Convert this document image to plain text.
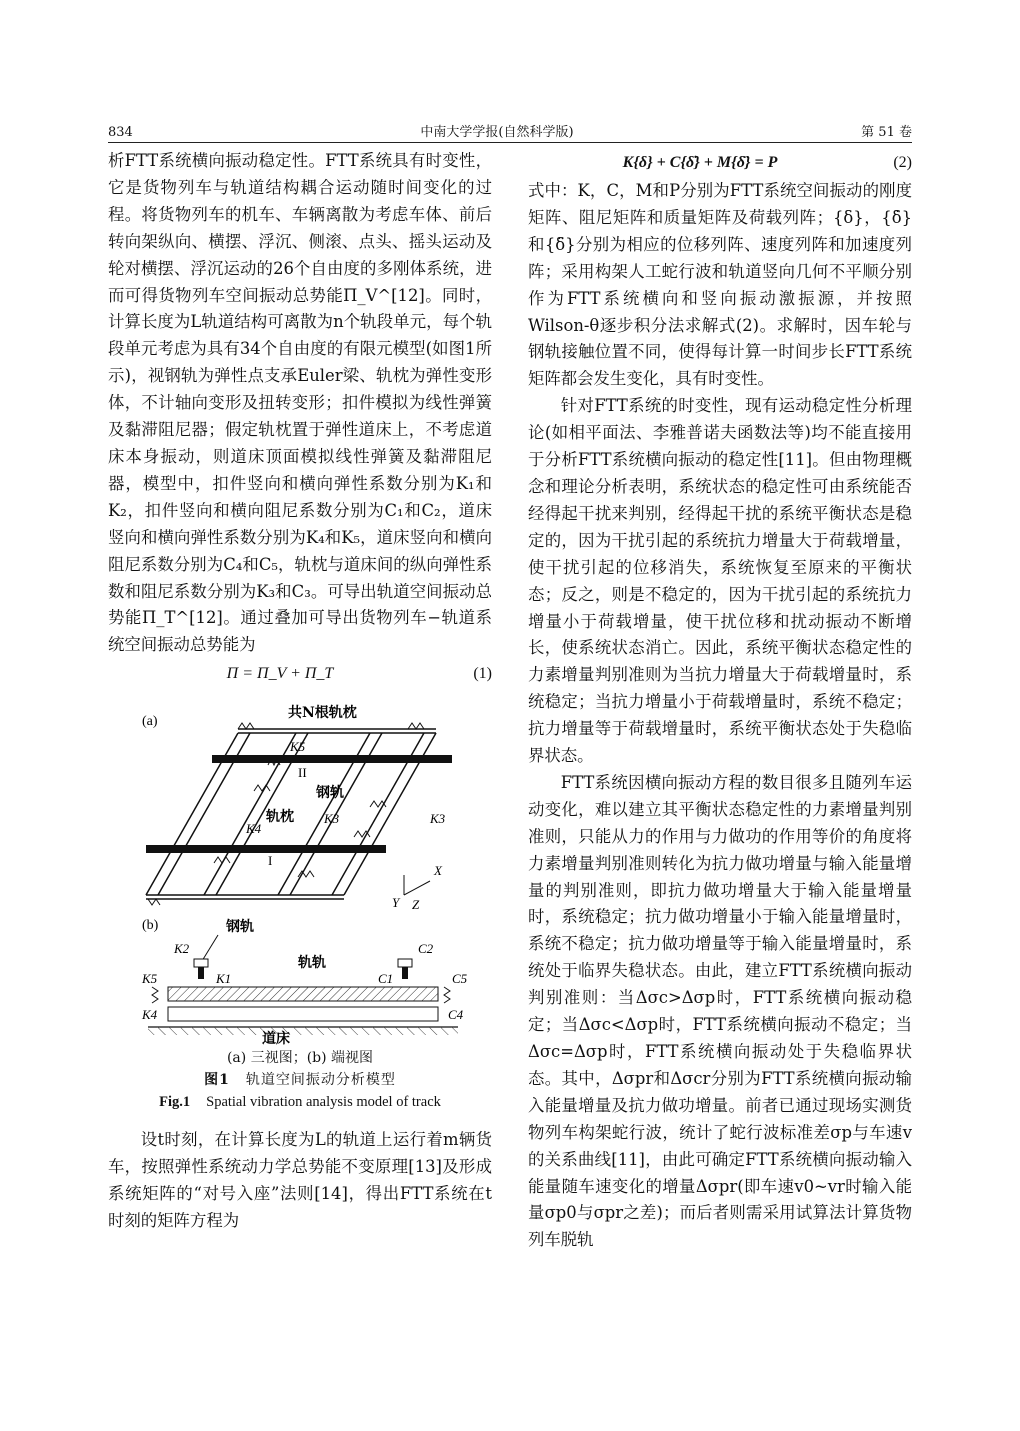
834	中南大学学报(自然科学版)	第 51 卷

析FTT系统横向振动稳定性。FTT系统具有时变性，它是货物列车与轨道结构耦合运动随时间变化的过程。将货物列车的机车、车辆离散为考虑车体、前后转向架纵向、横摆、浮沉、侧滚、点头、摇头运动及轮对横摆、浮沉运动的26个自由度的多刚体系统，进而可得货物列车空间振动总势能Π_V^[12]。同时，计算长度为L轨道结构可离散为n个轨段单元，每个轨段单元考虑为具有34个自由度的有限元模型(如图1所示)，视钢轨为弹性点支承Euler梁、轨枕为弹性变形体，不计轴向变形及扭转变形；扣件模拟为线性弹簧及黏滞阻尼器；假定轨枕置于弹性道床上，不考虑道床本身振动，则道床顶面模拟线性弹簧及黏滞阻尼器，模型中，扣件竖向和横向弹性系数分别为K₁和K₂，扣件竖向和横向阻尼系数分别为C₁和C₂，道床竖向和横向弹性系数分别为K₄和K₅，道床竖向和横向阻尼系数分别为C₄和C₅，轨枕与道床间的纵向弹性系数和阻尼系数分别为K₃和C₃。可导出轨道空间振动总势能Π_T^[12]。通过叠加可导出货物列车−轨道系统空间振动总势能为

Π = Π_V + Π_T	(1)
(a)
共N根轨枕
K5
II
钢轨
轨枕
K4
K3	K3
I
X
Y Z
(b)	钢轨
轨轨
K2
K1
K5
K4
C2
C1	C5
C4
道床
(a) 三视图；(b) 端视图
图1 轨道空间振动分析模型
Fig.1 Spatial vibration analysis model of track

设t时刻，在计算长度为L的轨道上运行着m辆货车，按照弹性系统动力学总势能不变原理[13]及形成系统矩阵的“对号入座”法则[14]，得出FTT系统在t时刻的矩阵方程为

K{δ} + C{δ̇} + M{δ̈} = P	(2)

式中：K，C，M和P分别为FTT系统空间振动的刚度矩阵、阻尼矩阵和质量矩阵及荷载列阵；{δ}，{δ̇}和{δ̈}分别为相应的位移列阵、速度列阵和加速度列阵；采用构架人工蛇行波和轨道竖向几何不平顺分别作为FTT系统横向和竖向振动激振源，并按照Wilson-θ逐步积分法求解式(2)。求解时，因车轮与钢轨接触位置不同，使得每计算一时间步长FTT系统矩阵都会发生变化，具有时变性。

针对FTT系统的时变性，现有运动稳定性分析理论(如相平面法、李雅普诺夫函数法等)均不能直接用于分析FTT系统横向振动的稳定性[11]。但由物理概念和理论分析表明，系统状态的稳定性可由系统能否经得起干扰来判别，经得起干扰的系统平衡状态是稳定的，因为干扰引起的系统抗力增量大于荷载增量，使干扰引起的位移消失，系统恢复至原来的平衡状态；反之，则是不稳定的，因为干扰引起的系统抗力增量小于荷载增量，使干扰位移和扰动振动不断增长，使系统状态消亡。因此，系统平衡状态稳定性的力素增量判别准则为当抗力增量大于荷载增量时，系统稳定；当抗力增量小于荷载增量时，系统不稳定；抗力增量等于荷载增量时，系统平衡状态处于失稳临界状态。

FTT系统因横向振动方程的数目很多且随列车运动变化，难以建立其平衡状态稳定性的力素增量判别准则，只能从力的作用与力做功的作用等价的角度将力素增量判别准则转化为抗力做功增量与输入能量增量的判别准则，即抗力做功增量大于输入能量增量时，系统稳定；抗力做功增量小于输入能量增量时，系统不稳定；抗力做功增量等于输入能量增量时，系统处于临界失稳状态。由此，建立FTT系统横向振动判别准则：当Δσc>Δσp时，FTT系统横向振动稳定；当Δσc<Δσp时，FTT系统横向振动不稳定；当Δσc=Δσp时，FTT系统横向振动处于失稳临界状态。其中，Δσpr和Δσcr分别为FTT系统横向振动输入能量增量及抗力做功增量。前者已通过现场实测货物列车构架蛇行波，统计了蛇行波标准差σp与车速v的关系曲线[11]，由此可确定FTT系统横向振动输入能量随车速变化的增量Δσpr(即车速v0~vr时输入能量σp0与σpr之差)；而后者则需采用试算法计算货物列车脱轨
